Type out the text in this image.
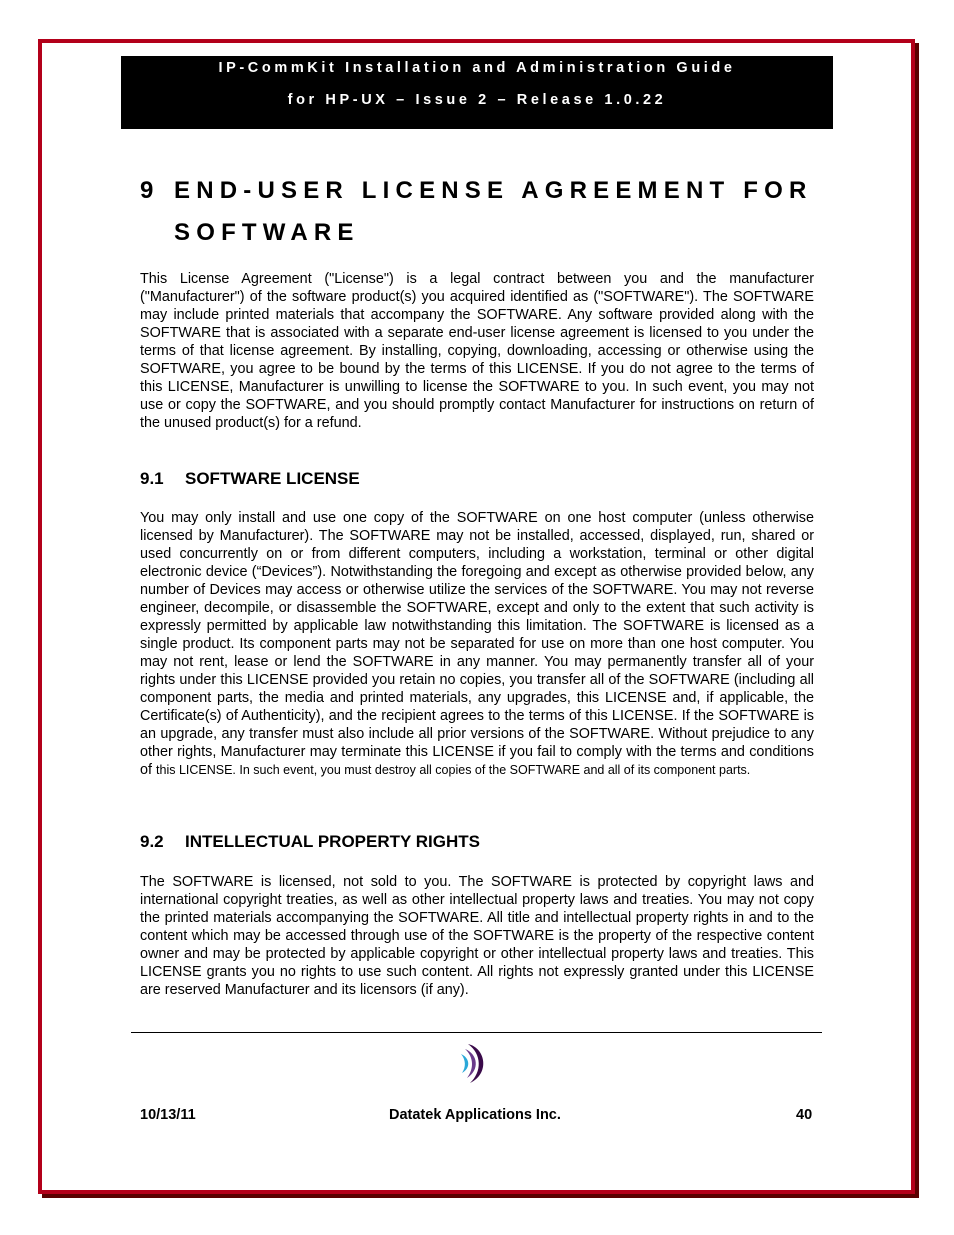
IP-CommKit Installation and Administration Guide
for HP-UX – Issue 2 – Release 1.0.22
9 END-USER LICENSE AGREEMENT FOR SOFTWARE
This License Agreement ("License") is a legal contract between you and the manufacturer ("Manufacturer") of the software product(s) you acquired identified as ("SOFTWARE"). The SOFTWARE may include printed materials that accompany the SOFTWARE. Any software provided along with the SOFTWARE that is associated with a separate end-user license agreement is licensed to you under the terms of that license agreement. By installing, copying, downloading, accessing or otherwise using the SOFTWARE, you agree to be bound by the terms of this LICENSE. If you do not agree to the terms of this LICENSE, Manufacturer is unwilling to license the SOFTWARE to you. In such event, you may not use or copy the SOFTWARE, and you should promptly contact Manufacturer for instructions on return of the unused product(s) for a refund.
9.1 SOFTWARE LICENSE
You may only install and use one copy of the SOFTWARE on one host computer (unless otherwise licensed by Manufacturer). The SOFTWARE may not be installed, accessed, displayed, run, shared or used concurrently on or from different computers, including a workstation, terminal or other digital electronic device (“Devices”). Notwithstanding the foregoing and except as otherwise provided below, any number of Devices may access or otherwise utilize the services of the SOFTWARE. You may not reverse engineer, decompile, or disassemble the SOFTWARE, except and only to the extent that such activity is expressly permitted by applicable law notwithstanding this limitation. The SOFTWARE is licensed as a single product. Its component parts may not be separated for use on more than one host computer. You may not rent, lease or lend the SOFTWARE in any manner. You may permanently transfer all of your rights under this LICENSE provided you retain no copies, you transfer all of the SOFTWARE (including all component parts, the media and printed materials, any upgrades, this LICENSE and, if applicable, the Certificate(s) of Authenticity), and the recipient agrees to the terms of this LICENSE. If the SOFTWARE is an upgrade, any transfer must also include all prior versions of the SOFTWARE. Without prejudice to any other rights, Manufacturer may terminate this LICENSE if you fail to comply with the terms and conditions of this LICENSE. In such event, you must destroy all copies of the SOFTWARE and all of its component parts.
9.2 INTELLECTUAL PROPERTY RIGHTS
The SOFTWARE is licensed, not sold to you. The SOFTWARE is protected by copyright laws and international copyright treaties, as well as other intellectual property laws and treaties. You may not copy the printed materials accompanying the SOFTWARE. All title and intellectual property rights in and to the content which may be accessed through use of the SOFTWARE is the property of the respective content owner and may be protected by applicable copyright or other intellectual property laws and treaties. This LICENSE grants you no rights to use such content. All rights not expressly granted under this LICENSE are reserved Manufacturer and its licensors (if any).
10/13/11	Datatek Applications Inc.	40
